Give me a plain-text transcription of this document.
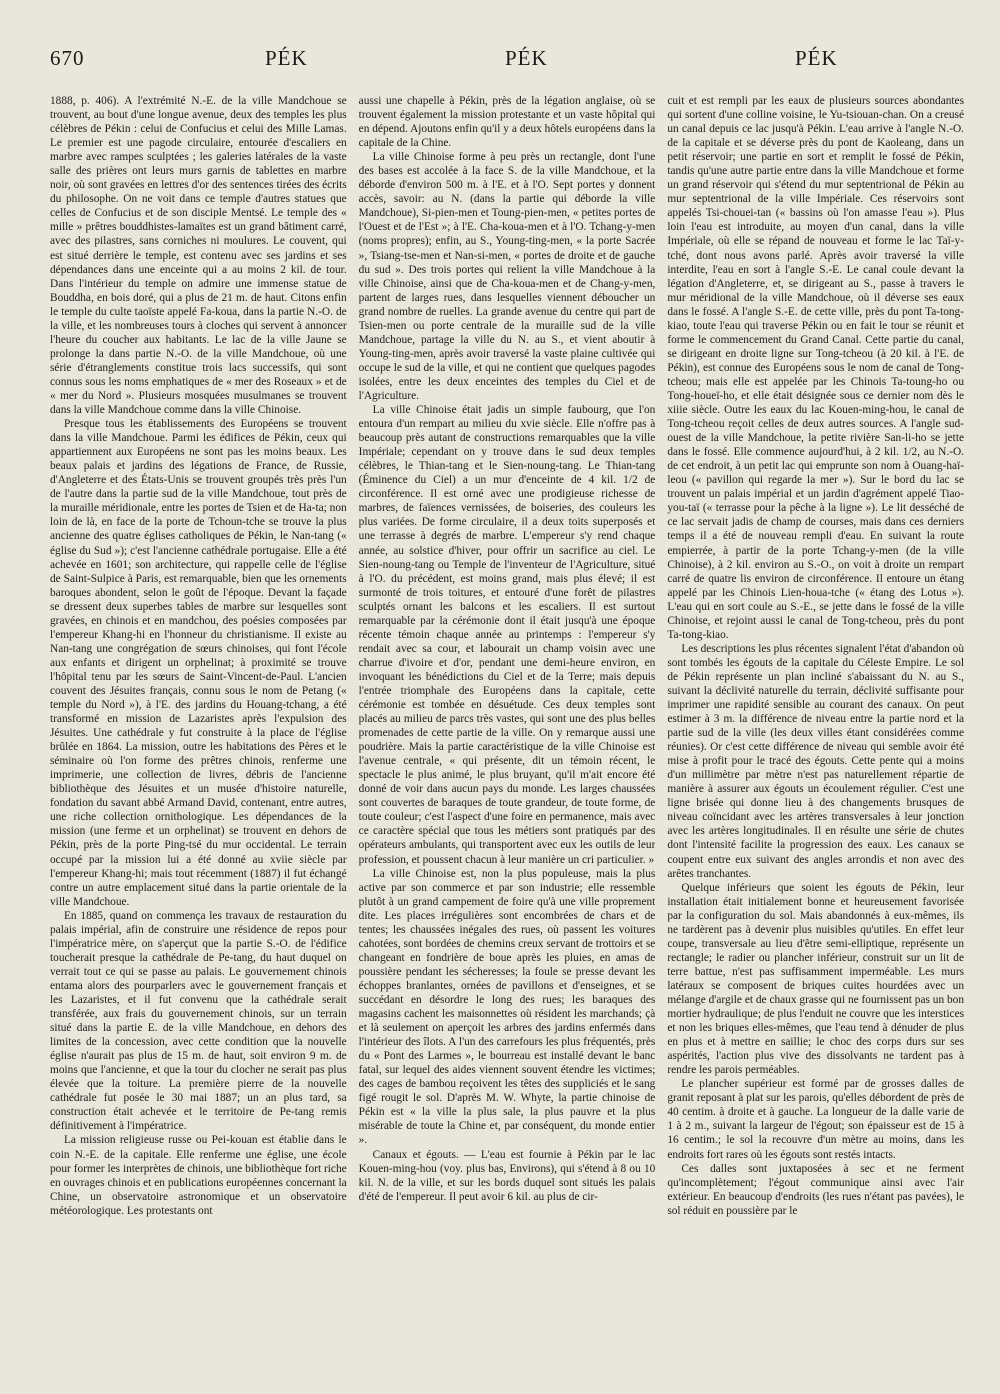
670	PÉK	PÉK	PÉK

1888, p. 406). A l'extrémité N.-E. de la ville Mandchoue se trouvent, au bout d'une longue avenue, deux des temples les plus célèbres de Pékin : celui de Confucius et celui des Mille Lamas. Le premier est une pagode circulaire, entourée d'escaliers en marbre avec rampes sculptées ; les galeries latérales de la vaste salle des prières ont leurs murs garnis de tablettes en marbre noir, où sont gravées en lettres d'or des sentences tirées des écrits du philosophe. On ne voit dans ce temple d'autres statues que celles de Confucius et de son disciple Mentsé. Le temple des « mille » prêtres bouddhistes-lamaïtes est un grand bâtiment carré, avec des pilastres, sans corniches ni moulures. Le couvent, qui est situé derrière le temple, est contenu avec ses jardins et ses dépendances dans une enceinte qui a au moins 2 kil. de tour. Dans l'intérieur du temple on admire une immense statue de Bouddha, en bois doré, qui a plus de 21 m. de haut. Citons enfin le temple du culte taoïste appelé Fa-koua, dans la partie N.-O. de la ville, et les nombreuses tours à cloches qui servent à annoncer l'heure du coucher aux habitants. Le lac de la ville Jaune se prolonge la dans partie N.-O. de la ville Mandchoue, où une série d'étranglements constitue trois lacs successifs, qui sont connus sous les noms emphatiques de « mer des Roseaux » et de « mer du Nord ». Plusieurs mosquées musulmanes se trouvent dans la ville Mandchoue comme dans la ville Chinoise.

Presque tous les établissements des Européens se trouvent dans la ville Mandchoue. Parmi les édifices de Pékin, ceux qui appartiennent aux Européens ne sont pas les moins beaux. Les beaux palais et jardins des légations de France, de Russie, d'Angleterre et des États-Unis se trouvent groupés très près l'un de l'autre dans la partie sud de la ville Mandchoue, tout près de la muraille méridionale, entre les portes de Tsien et de Ha-ta; non loin de là, en face de la porte de Tchoun-tche se trouve la plus ancienne des quatre églises catholiques de Pékin, le Nan-tang (« église du Sud »); c'est l'ancienne cathédrale portugaise. Elle a été achevée en 1601; son architecture, qui rappelle celle de l'église de Saint-Sulpice à Paris, est remarquable, bien que les ornements baroques abondent, selon le goût de l'époque. Devant la façade se dressent deux superbes tables de marbre sur lesquelles sont gravées, en chinois et en mandchou, des poésies composées par l'empereur Khang-hi en l'honneur du christianisme. Il existe au Nan-tang une congrégation de sœurs chinoises, qui font l'école aux enfants et dirigent un orphelinat; à proximité se trouve l'hôpital tenu par les sœurs de Saint-Vincent-de-Paul. L'ancien couvent des Jésuites français, connu sous le nom de Petang (« temple du Nord »), à l'E. des jardins du Houang-tchang, a été transformé en mission de Lazaristes après l'expulsion des Jésuites. Une cathédrale y fut construite à la place de l'église brûlée en 1864. La mission, outre les habitations des Pères et le séminaire où l'on forme des prêtres chinois, renferme une imprimerie, une collection de livres, débris de l'ancienne bibliothèque des Jésuites et un musée d'histoire naturelle, fondation du savant abbé Armand David, contenant, entre autres, une riche collection ornithologique. Les dépendances de la mission (une ferme et un orphelinat) se trouvent en dehors de Pékin, près de la porte Ping-tsé du mur occidental. Le terrain occupé par la mission lui a été donné au xviie siècle par l'empereur Khang-hi; mais tout récemment (1887) il fut échangé contre un autre emplacement situé dans la partie orientale de la ville Mandchoue.

En 1885, quand on commença les travaux de restauration du palais impérial, afin de construire une résidence de repos pour l'impératrice mère, on s'aperçut que la partie S.-O. de l'édifice toucherait presque la cathédrale de Pe-tang, du haut duquel on verrait tout ce qui se passe au palais. Le gouvernement chinois entama alors des pourparlers avec le gouvernement français et les Lazaristes, et il fut convenu que la cathédrale serait transférée, aux frais du gouvernement chinois, sur un terrain situé dans la partie E. de la ville Mandchoue, en dehors des limites de la concession, avec cette condition que la nouvelle église n'aurait pas plus de 15 m. de haut, soit environ 9 m. de moins que l'ancienne, et que la tour du clocher ne serait pas plus élevée que la toiture. La première pierre de la nouvelle cathédrale fut posée le 30 mai 1887; un an plus tard, sa construction était achevée et le territoire de Pe-tang remis définitivement à l'impératrice.

La mission religieuse russe ou Pei-kouan est établie dans le coin N.-E. de la capitale. Elle renferme une église, une école pour former les interprètes de chinois, une bibliothèque fort riche en ouvrages chinois et en publications européennes concernant la Chine, un observatoire astronomique et un observatoire météorologique. Les protestants ont

aussi une chapelle à Pékin, près de la légation anglaise, où se trouvent également la mission protestante et un vaste hôpital qui en dépend. Ajoutons enfin qu'il y a deux hôtels européens dans la capitale de la Chine.

La ville Chinoise forme à peu près un rectangle, dont l'une des bases est accolée à la face S. de la ville Mandchoue, et la déborde d'environ 500 m. à l'E. et à l'O. Sept portes y donnent accès, savoir: au N. (dans la partie qui déborde la ville Mandchoue), Si-pien-men et Toung-pien-men, « petites portes de l'Ouest et de l'Est »; à l'E. Cha-koua-men et à l'O. Tchang-y-men (noms propres); enfin, au S., Young-ting-men, « la porte Sacrée », Tsiang-tse-men et Nan-si-men, « portes de droite et de gauche du sud ». Des trois portes qui relient la ville Mandchoue à la ville Chinoise, ainsi que de Cha-koua-men et de Chang-y-men, partent de larges rues, dans lesquelles viennent déboucher un grand nombre de ruelles. La grande avenue du centre qui part de Tsien-men ou porte centrale de la muraille sud de la ville Mandchoue, partage la ville du N. au S., et vient aboutir à Young-ting-men, après avoir traversé la vaste plaine cultivée qui occupe le sud de la ville, et qui ne contient que quelques pagodes isolées, entre les deux enceintes des temples du Ciel et de l'Agriculture.

La ville Chinoise était jadis un simple faubourg, que l'on entoura d'un rempart au milieu du xvie siècle. Elle n'offre pas à beaucoup près autant de constructions remarquables que la ville Impériale; cependant on y trouve dans le sud deux temples célèbres, le Thian-tang et le Sien-noung-tang. Le Thian-tang (Éminence du Ciel) a un mur d'enceinte de 4 kil. 1/2 de circonférence. Il est orné avec une prodigieuse richesse de marbres, de faïences vernissées, de boiseries, des couleurs les plus variées. De forme circulaire, il a deux toits superposés et une terrasse à degrés de marbre. L'empereur s'y rend chaque année, au solstice d'hiver, pour offrir un sacrifice au ciel. Le Sien-noung-tang ou Temple de l'inventeur de l'Agriculture, situé à l'O. du précédent, est moins grand, mais plus élevé; il est surmonté de trois toitures, et entouré d'une forêt de pilastres sculptés ornant les balcons et les escaliers. Il est surtout remarquable par la cérémonie dont il était jusqu'à une époque récente témoin chaque année au printemps : l'empereur s'y rendait avec sa cour, et labourait un champ voisin avec une charrue d'ivoire et d'or, pendant une demi-heure environ, en invoquant les bénédictions du Ciel et de la Terre; mais depuis l'entrée triomphale des Européens dans la capitale, cette cérémonie est tombée en désuétude. Ces deux temples sont placés au milieu de parcs très vastes, qui sont une des plus belles promenades de cette partie de la ville. On y remarque aussi une poudrière. Mais la partie caractéristique de la ville Chinoise est l'avenue centrale, « qui présente, dit un témoin récent, le spectacle le plus animé, le plus bruyant, qu'il m'ait encore été donné de voir dans aucun pays du monde. Les larges chaussées sont couvertes de baraques de toute grandeur, de toute forme, de toute couleur; c'est l'aspect d'une foire en permanence, mais avec ce caractère spécial que tous les métiers sont pratiqués par des opérateurs ambulants, qui transportent avec eux les outils de leur profession, et poussent chacun à leur manière un cri particulier. »

La ville Chinoise est, non la plus populeuse, mais la plus active par son commerce et par son industrie; elle ressemble plutôt à un grand campement de foire qu'à une ville proprement dite. Les places irrégulières sont encombrées de chars et de tentes; les chaussées inégales des rues, où passent les voitures cahotées, sont bordées de chemins creux servant de trottoirs et se changeant en fondrière de boue après les pluies, en amas de poussière pendant les sécheresses; la foule se presse devant les échoppes branlantes, ornées de pavillons et d'enseignes, et se succédant en désordre le long des rues; les baraques des magasins cachent les maisonnettes où résident les marchands; çà et là seulement on aperçoit les arbres des jardins enfermés dans l'intérieur des îlots. A l'un des carrefours les plus fréquentés, près du « Pont des Larmes », le bourreau est installé devant le banc fatal, sur lequel des aides viennent souvent étendre les victimes; des cages de bambou reçoivent les têtes des suppliciés et le sang figé rougit le sol. D'après M. W. Whyte, la partie chinoise de Pékin est « la ville la plus sale, la plus pauvre et la plus misérable de toute la Chine et, par conséquent, du monde entier ».

Canaux et égouts. — L'eau est fournie à Pékin par le lac Kouen-ming-hou (voy. plus bas, Environs), qui s'étend à 8 ou 10 kil. N. de la ville, et sur les bords duquel sont situés les palais d'été de l'empereur. Il peut avoir 6 kil. au plus de cir-

cuit et est rempli par les eaux de plusieurs sources abondantes qui sortent d'une colline voisine, le Yu-tsiouan-chan. On a creusé un canal depuis ce lac jusqu'à Pékin. L'eau arrive à l'angle N.-O. de la capitale et se déverse près du pont de Kaoleang, dans un petit réservoir; une partie en sort et remplit le fossé de Pékin, tandis qu'une autre partie entre dans la ville Mandchoue et forme un grand réservoir qui s'étend du mur septentrional de Pékin au mur septentrional de la ville Impériale. Ces réservoirs sont appelés Tsi-chouei-tan (« bassins où l'on amasse l'eau »). Plus loin l'eau est introduite, au moyen d'un canal, dans la ville Impériale, où elle se répand de nouveau et forme le lac Taï-y-tché, dont nous avons parlé. Après avoir traversé la ville interdite, l'eau en sort à l'angle S.-E. Le canal coule devant la légation d'Angleterre, et, se dirigeant au S., passe à travers le mur méridional de la ville Mandchoue, où il déverse ses eaux dans le fossé. A l'angle S.-E. de cette ville, près du pont Ta-tong-kiao, toute l'eau qui traverse Pékin ou en fait le tour se réunit et forme le commencement du Grand Canal. Cette partie du canal, se dirigeant en droite ligne sur Tong-tcheou (à 20 kil. à l'E. de Pékin), est connue des Européens sous le nom de canal de Tong-tcheou; mais elle est appelée par les Chinois Ta-toung-ho ou Tong-houeï-ho, et elle était désignée sous ce dernier nom dès le xiiie siècle. Outre les eaux du lac Kouen-ming-hou, le canal de Tong-tcheou reçoit celles de deux autres sources. A l'angle sud-ouest de la ville Mandchoue, la petite rivière San-li-ho se jette dans le fossé. Elle commence aujourd'hui, à 2 kil. 1/2, au N.-O. de cet endroit, à un petit lac qui emprunte son nom à Ouang-haï-leou (« pavillon qui regarde la mer »). Sur le bord du lac se trouvent un palais impérial et un jardin d'agrément appelé Tiao-you-taï (« terrasse pour la pêche à la ligne »). Le lit desséché de ce lac servait jadis de champ de courses, mais dans ces derniers temps il a été de nouveau rempli d'eau. En suivant la route empierrée, à partir de la porte Tchang-y-men (de la ville Chinoise), à 2 kil. environ au S.-O., on voit à droite un rempart carré de quatre lis environ de circonférence. Il entoure un étang appelé par les Chinois Lien-houa-tche (« étang des Lotus »). L'eau qui en sort coule au S.-E., se jette dans le fossé de la ville Chinoise, et rejoint aussi le canal de Tong-tcheou, près du pont Ta-tong-kiao.

Les descriptions les plus récentes signalent l'état d'abandon où sont tombés les égouts de la capitale du Céleste Empire. Le sol de Pékin représente un plan incliné s'abaissant du N. au S., suivant la déclivité naturelle du terrain, déclivité suffisante pour imprimer une rapidité sensible au courant des canaux. On peut estimer à 3 m. la différence de niveau entre la partie nord et la partie sud de la ville (les deux villes étant considérées comme réunies). Or c'est cette différence de niveau qui semble avoir été mise à profit pour le tracé des égouts. Cette pente qui a moins d'un millimètre par mètre n'est pas naturellement répartie de manière à assurer aux égouts un écoulement régulier. C'est une ligne brisée qui donne lieu à des changements brusques de niveau coïncidant avec les artères transversales à leur jonction avec les artères longitudinales. Il en résulte une série de chutes dont l'intensité facilite la progression des eaux. Les canaux se coupent entre eux suivant des angles arrondis et non avec des arêtes tranchantes.

Quelque inférieurs que soient les égouts de Pékin, leur installation était initialement bonne et heureusement favorisée par la configuration du sol. Mais abandonnés à eux-mêmes, ils ne tardèrent pas à devenir plus nuisibles qu'utiles. En effet leur coupe, transversale au lieu d'être semi-elliptique, représente un rectangle; le radier ou plancher inférieur, construit sur un lit de terre battue, n'est pas suffisamment imperméable. Les murs latéraux se composent de briques cuites hourdées avec un mélange d'argile et de chaux grasse qui ne fournissent pas un bon mortier hydraulique; de plus l'enduit ne couvre que les interstices et non les briques elles-mêmes, que l'eau tend à dénuder de plus en plus et à mettre en saillie; le choc des corps durs sur ses aspérités, l'action plus vive des dissolvants ne tardent pas à rendre les parois perméables.

Le plancher supérieur est formé par de grosses dalles de granit reposant à plat sur les parois, qu'elles débordent de près de 40 centim. à droite et à gauche. La longueur de la dalle varie de 1 à 2 m., suivant la largeur de l'égout; son épaisseur est de 15 à 16 centim.; le sol la recouvre d'un mètre au moins, dans les endroits fort rares où les égouts sont restés intacts.

Ces dalles sont juxtaposées à sec et ne ferment qu'incomplètement; l'égout communique ainsi avec l'air extérieur. En beaucoup d'endroits (les rues n'étant pas pavées), le sol réduit en poussière par le
